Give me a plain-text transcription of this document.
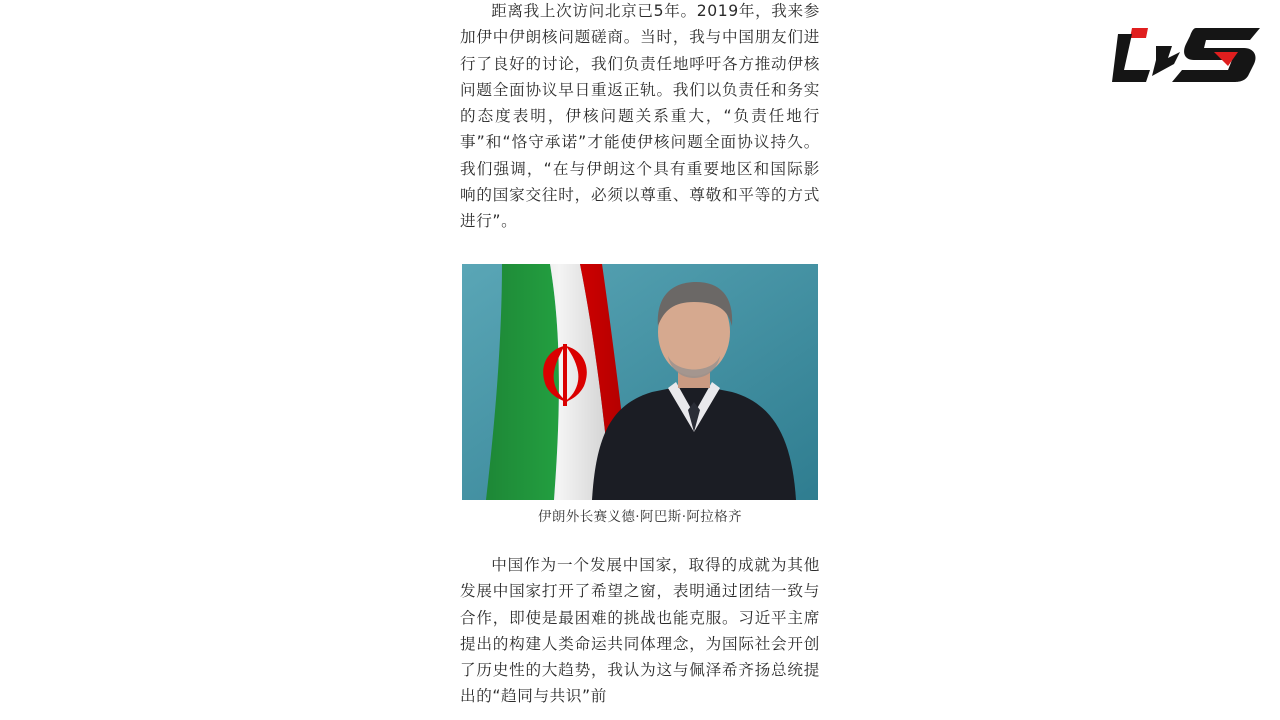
距离我上次访问北京已5年。2019年，我来参加伊中伊朗核问题磋商。当时，我与中国朋友们进行了良好的讨论，我们负责任地呼吁各方推动伊核问题全面协议早日重返正轨。我们以负责任和务实的态度表明，伊核问题关系重大，“负责任地行事”和“恪守承诺”才能使伊核问题全面协议持久。我们强调，“在与伊朗这个具有重要地区和国际影响的国家交往时，必须以尊重、尊敬和平等的方式进行”。

伊朗外长赛义德·阿巴斯·阿拉格齐

中国作为一个发展中国家，取得的成就为其他发展中国家打开了希望之窗，表明通过团结一致与合作，即使是最困难的挑战也能克服。习近平主席提出的构建人类命运共同体理念，为国际社会开创了历史性的大趋势，我认为这与佩泽希齐扬总统提出的“趋同与共识”前
